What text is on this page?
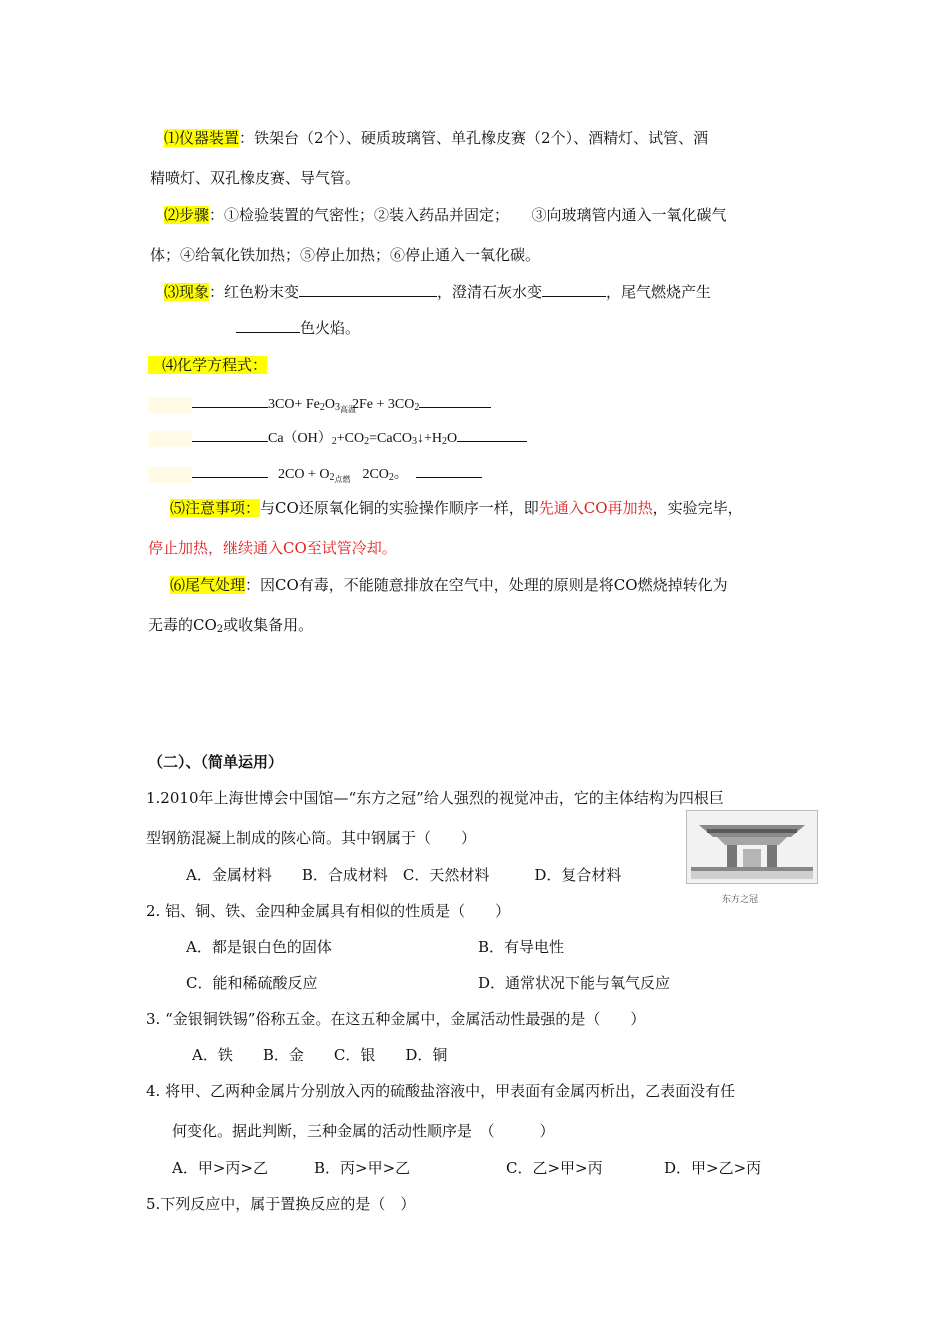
⑴仪器装置：铁架台（2个）、硬质玻璃管、单孔橡皮赛（2个）、酒精灯、试管、酒
精喷灯、双孔橡皮赛、导气管。
⑵步骤：①检验装置的气密性；②装入药品并固定；　　③向玻璃管内通入一氧化碳气
体；④给氧化铁加热；⑤停止加热；⑥停止通入一氧化碳。
⑶现象：红色粉末变	，澄清石灰水变	，尾气燃烧产生
色火焰。
⑷化学方程式：
$3CO+ Fe_2O_3$ 高温
$2Fe + 3CO_2$
$Ca(OH)_2+CO_2=CaCO_3↓+H_2O$
$2CO + O_2$ 点燃 $2CO_2$。
⑸注意事项：与CO还原氧化铜的实验操作顺序一样，即先通入CO再加热，实验完毕，
停止加热，继续通入CO至试管冷却。
⑹尾气处理：因CO有毒，不能随意排放在空气中，处理的原则是将CO燃烧掉转化为
无毒的$CO_2$或收集备用。
（二）、（简单运用）
1.2010年上海世博会中国馆—“东方之冠”给人强烈的视觉冲击，它的主体结构为四根巨
型钢筋混凝上制成的陔心筒。其中钢属于（　　）
A．金属材料　　B．合成材料　C．天然材料　　　D．复合材料
东方之冠
2. 铝、铜、铁、金四种金属具有相似的性质是（　　）
A．都是银白色的固体	B．有导电性
C．能和稀硫酸反应	D．通常状况下能与氧气反应
3. “金银铜铁锡”俗称五金。在这五种金属中，金属活动性最强的是（　　）
A．铁　　B．金　　C．银　　D．铜
4. 将甲、乙两种金属片分别放入丙的硫酸盐溶液中，甲表面有金属丙析出，乙表面没有任
何变化。据此判断，三种金属的活动性顺序是　（　　　）
A．甲>丙>乙	B．丙>甲>乙	C．乙>甲>丙	D．甲>乙>丙
5.下列反应中，属于置换反应的是（　）
